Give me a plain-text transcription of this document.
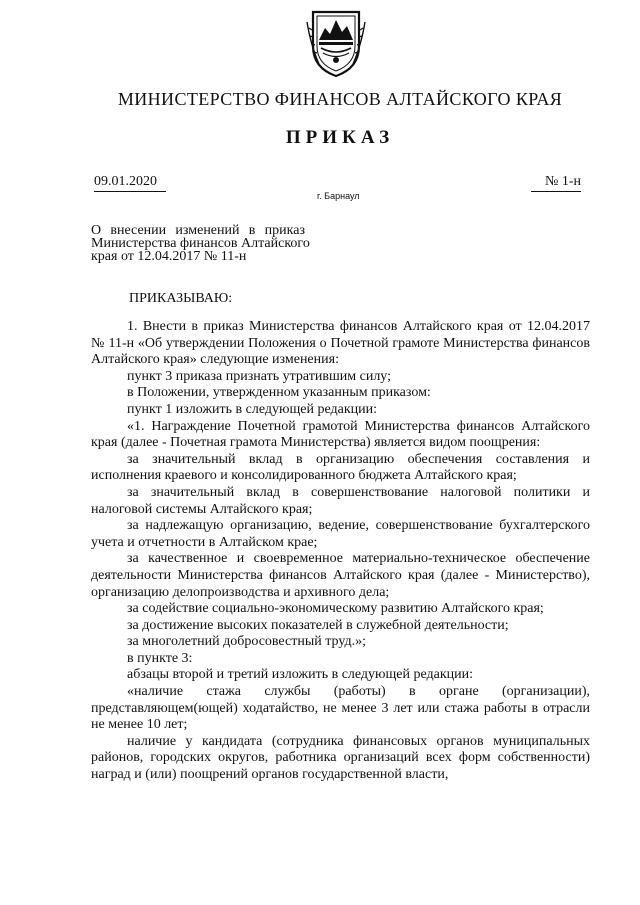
МИНИСТЕРСТВО ФИНАНСОВ АЛТАЙСКОГО КРАЯ
ПРИКАЗ
09.01.2020	№ 1-н
г. Барнаул
О внесении изменений в приказ
Министерства финансов Алтайского
края от 12.04.2017 № 11-н
ПРИКАЗЫВАЮ:

1. Внести в приказ Министерства финансов Алтайского края от 12.04.2017 № 11-н «Об утверждении Положения о Почетной грамоте Министерства финансов Алтайского края» следующие изменения:

пункт 3 приказа признать утратившим силу;

в Положении, утвержденном указанным приказом:

пункт 1 изложить в следующей редакции:

«1. Награждение Почетной грамотой Министерства финансов Алтайского края (далее - Почетная грамота Министерства) является видом поощрения:

за значительный вклад в организацию обеспечения составления и исполнения краевого и консолидированного бюджета Алтайского края;

за значительный вклад в совершенствование налоговой политики и налоговой системы Алтайского края;

за надлежащую организацию, ведение, совершенствование бухгалтерского учета и отчетности в Алтайском крае;

за качественное и своевременное материально-техническое обеспечение деятельности Министерства финансов Алтайского края (далее - Министерство), организацию делопроизводства и архивного дела;

за содействие социально-экономическому развитию Алтайского края;

за достижение высоких показателей в служебной деятельности;

за многолетний добросовестный труд.»;

в пункте 3:

абзацы второй и третий изложить в следующей редакции:

«наличие стажа службы (работы) в органе (организации), представляющем(ющей) ходатайство, не менее 3 лет или стажа работы в отрасли не менее 10 лет;

наличие у кандидата (сотрудника финансовых органов муниципальных районов, городских округов, работника организаций всех форм собственности) наград и (или) поощрений органов государственной власти,
